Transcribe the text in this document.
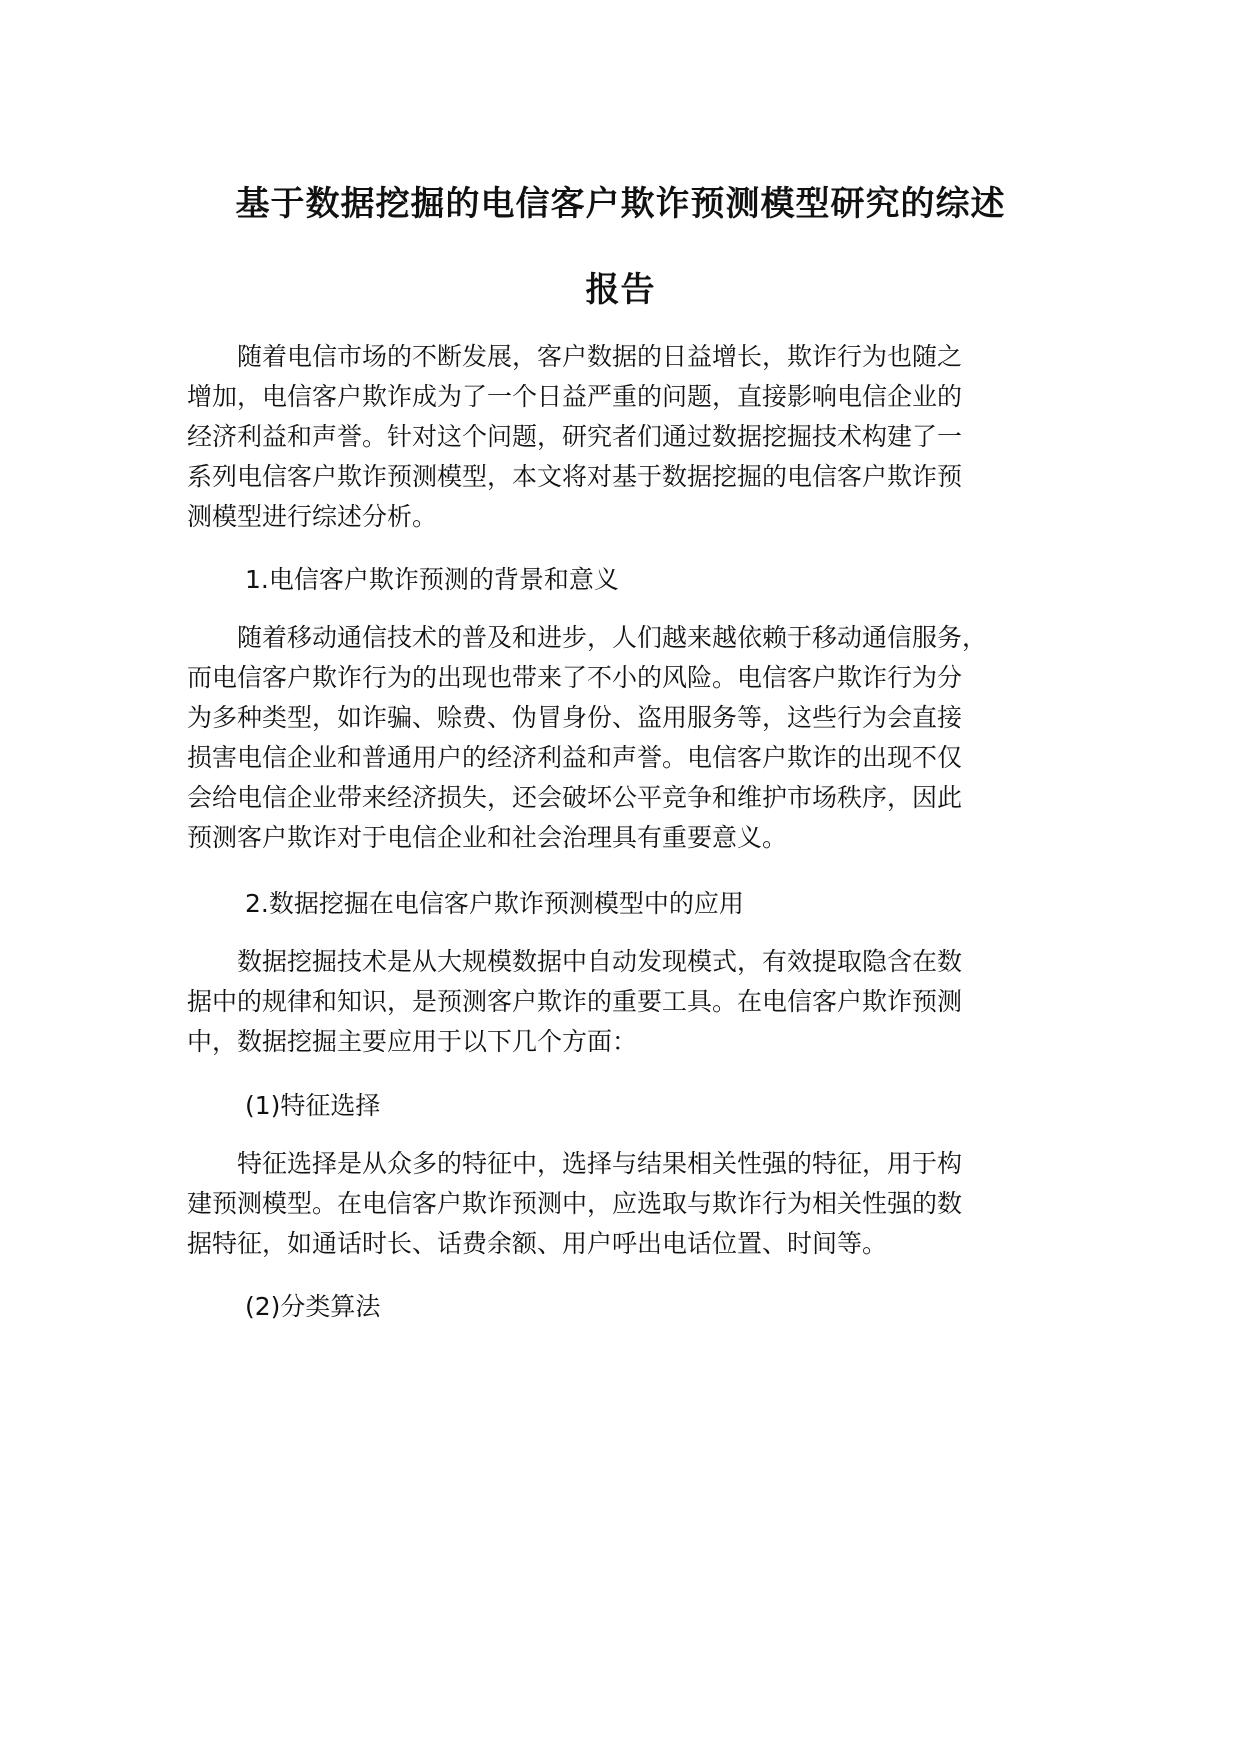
基于数据挖掘的电信客户欺诈预测模型研究的综述
报告
随着电信市场的不断发展，客户数据的日益增长，欺诈行为也随之
增加，电信客户欺诈成为了一个日益严重的问题，直接影响电信企业的
经济利益和声誉。针对这个问题，研究者们通过数据挖掘技术构建了一
系列电信客户欺诈预测模型，本文将对基于数据挖掘的电信客户欺诈预
测模型进行综述分析。
1.电信客户欺诈预测的背景和意义
随着移动通信技术的普及和进步，人们越来越依赖于移动通信服务，
而电信客户欺诈行为的出现也带来了不小的风险。电信客户欺诈行为分
为多种类型，如诈骗、赊费、伪冒身份、盗用服务等，这些行为会直接
损害电信企业和普通用户的经济利益和声誉。电信客户欺诈的出现不仅
会给电信企业带来经济损失，还会破坏公平竞争和维护市场秩序，因此
预测客户欺诈对于电信企业和社会治理具有重要意义。
2.数据挖掘在电信客户欺诈预测模型中的应用
数据挖掘技术是从大规模数据中自动发现模式，有效提取隐含在数
据中的规律和知识，是预测客户欺诈的重要工具。在电信客户欺诈预测
中，数据挖掘主要应用于以下几个方面：
(1)特征选择
特征选择是从众多的特征中，选择与结果相关性强的特征，用于构
建预测模型。在电信客户欺诈预测中，应选取与欺诈行为相关性强的数
据特征，如通话时长、话费余额、用户呼出电话位置、时间等。
(2)分类算法
